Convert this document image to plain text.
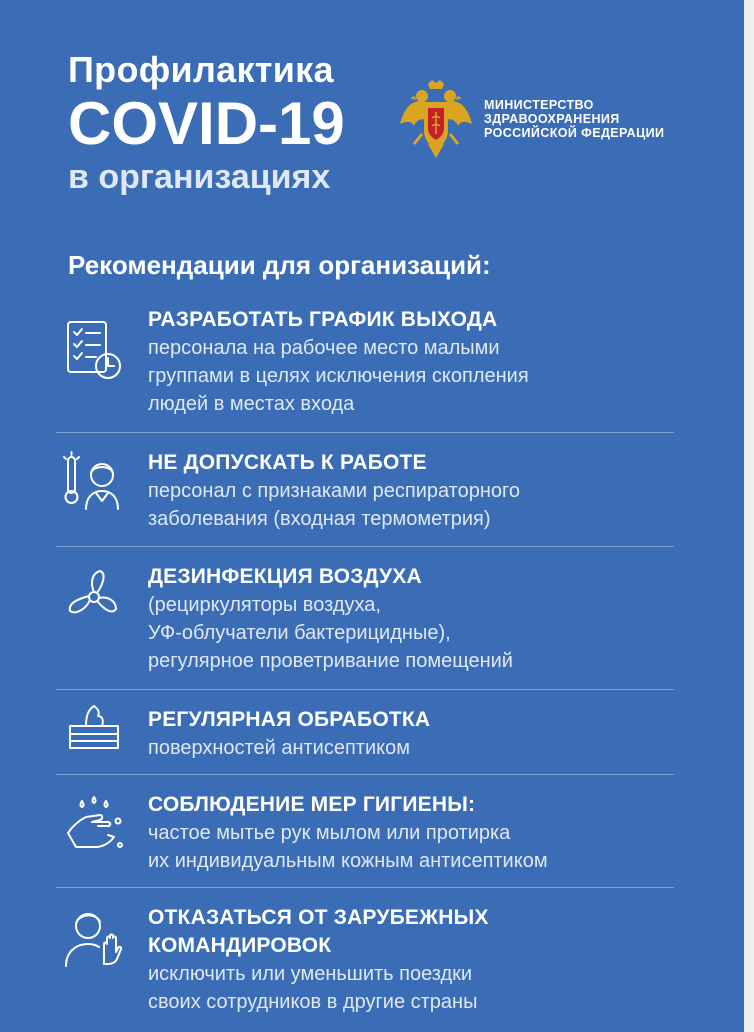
Профилактика
COVID-19
в организациях
МИНИСТЕРСТВО
ЗДРАВООХРАНЕНИЯ
РОССИЙСКОЙ ФЕДЕРАЦИИ
Рекомендации для организаций:
РАЗРАБОТАТЬ ГРАФИК ВЫХОДА
персонала на рабочее место малыми
группами в целях исключения скопления
людей в местах входа
НЕ ДОПУСКАТЬ К РАБОТЕ
персонал с признаками респираторного
заболевания (входная термометрия)
ДЕЗИНФЕКЦИЯ ВОЗДУХА
(рециркуляторы воздуха,
УФ-облучатели бактерицидные),
регулярное проветривание помещений
РЕГУЛЯРНАЯ ОБРАБОТКА
поверхностей антисептиком
СОБЛЮДЕНИЕ МЕР ГИГИЕНЫ:
частое мытье рук мылом или протирка
их индивидуальным кожным антисептиком
ОТКАЗАТЬСЯ ОТ ЗАРУБЕЖНЫХ КОМАНДИРОВОК
исключить или уменьшить поездки
своих сотрудников в другие страны
